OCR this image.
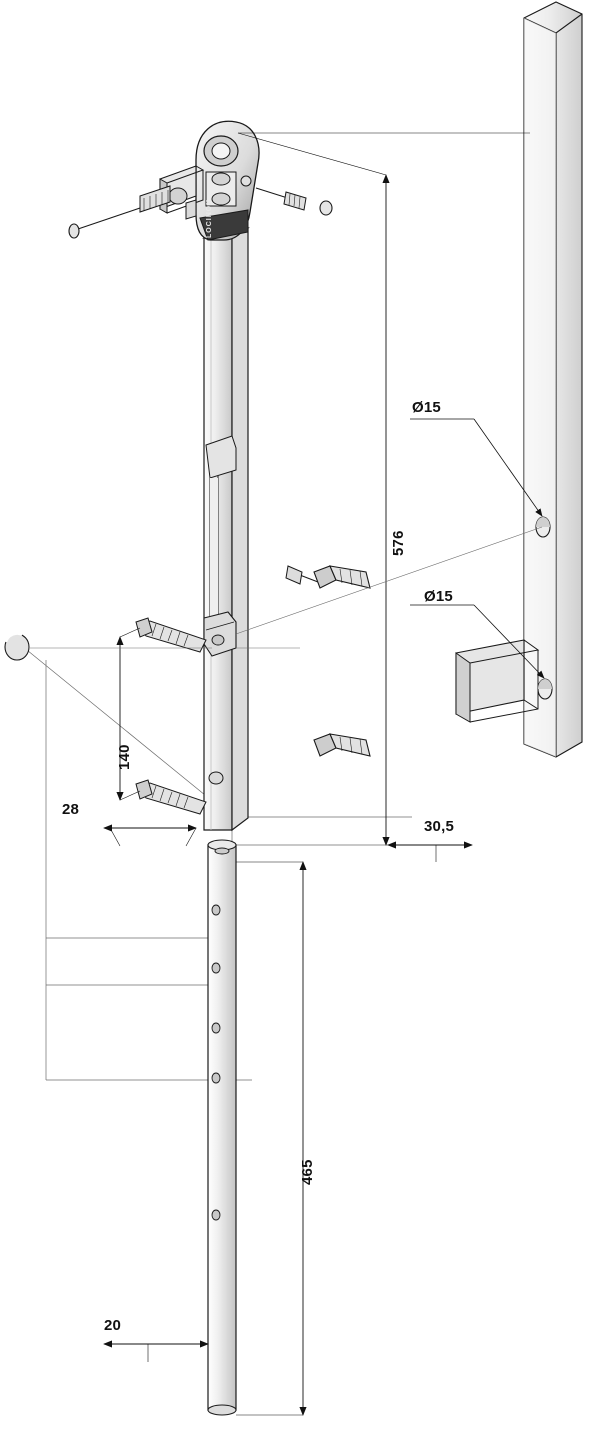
576
140
465
28
30,5
20
Ø15
Ø15
LOCINOX
